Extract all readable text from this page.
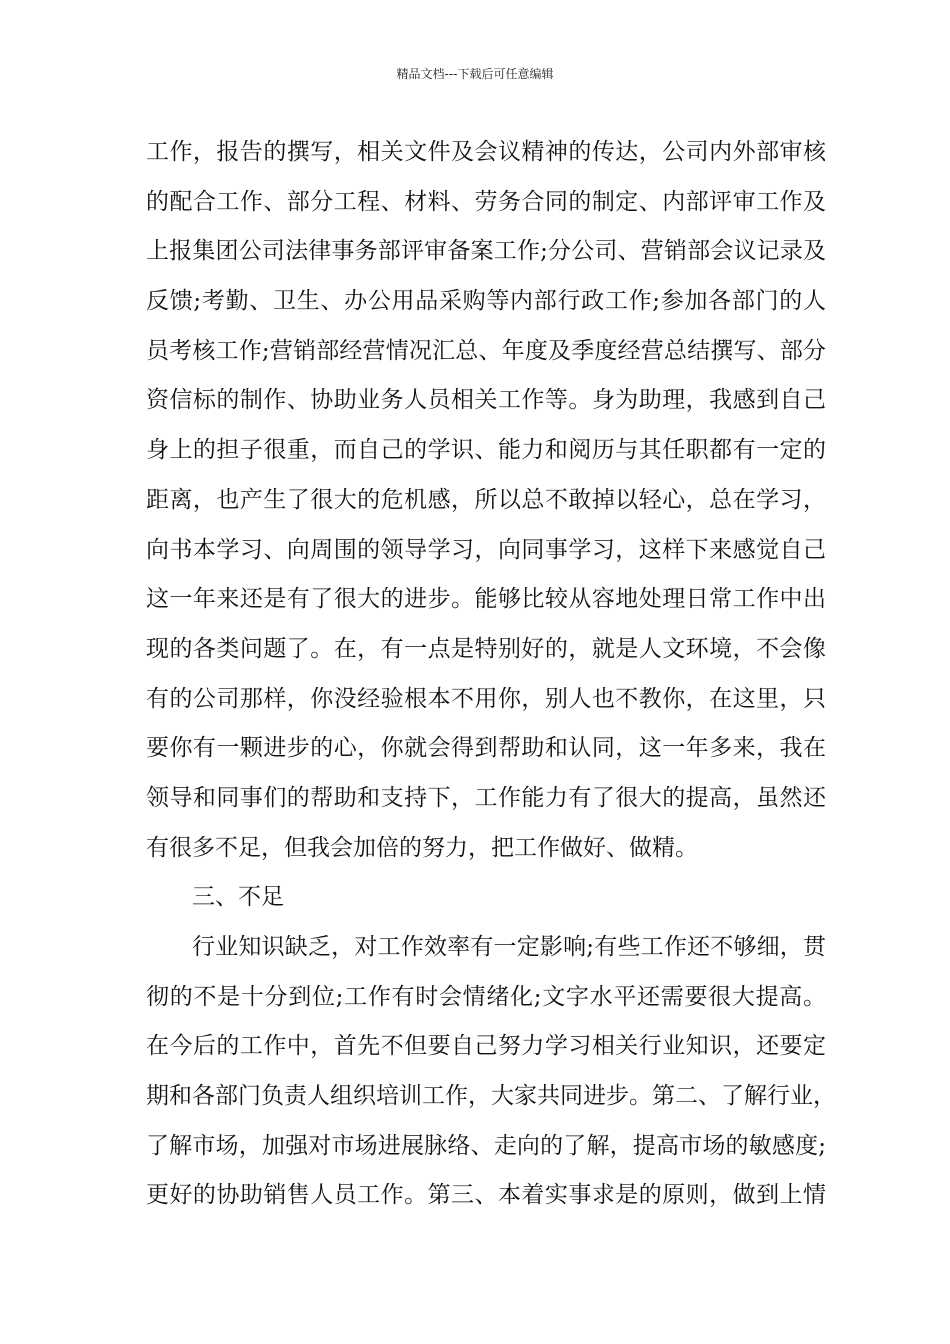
精品文档---下载后可任意编辑
工作，报告的撰写，相关文件及会议精神的传达，公司内外部审核
的配合工作、部分工程、材料、劳务合同的制定、内部评审工作及
上报集团公司法律事务部评审备案工作;分公司、营销部会议记录及
反馈;考勤、卫生、办公用品采购等内部行政工作;参加各部门的人
员考核工作;营销部经营情况汇总、年度及季度经营总结撰写、部分
资信标的制作、协助业务人员相关工作等。身为助理，我感到自己
身上的担子很重，而自己的学识、能力和阅历与其任职都有一定的
距离，也产生了很大的危机感，所以总不敢掉以轻心，总在学习，
向书本学习、向周围的领导学习，向同事学习，这样下来感觉自己
这一年来还是有了很大的进步。能够比较从容地处理日常工作中出
现的各类问题了。在，有一点是特别好的，就是人文环境，不会像
有的公司那样，你没经验根本不用你，别人也不教你，在这里，只
要你有一颗进步的心，你就会得到帮助和认同，这一年多来，我在
领导和同事们的帮助和支持下，工作能力有了很大的提高，虽然还
有很多不足，但我会加倍的努力，把工作做好、做精。
三、不足
行业知识缺乏，对工作效率有一定影响;有些工作还不够细，贯
彻的不是十分到位;工作有时会情绪化;文字水平还需要很大提高。
在今后的工作中，首先不但要自己努力学习相关行业知识，还要定
期和各部门负责人组织培训工作，大家共同进步。第二、了解行业，
了解市场，加强对市场进展脉络、走向的了解，提高市场的敏感度;
更好的协助销售人员工作。第三、本着实事求是的原则，做到上情
